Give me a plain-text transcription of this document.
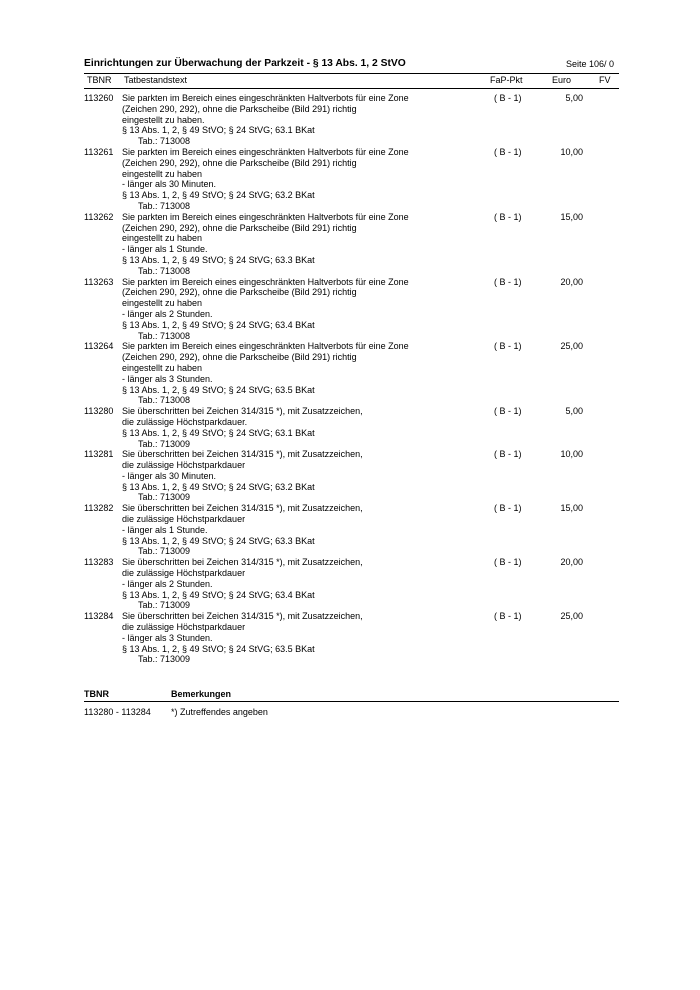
Einrichtungen zur Überwachung der Parkzeit - § 13 Abs. 1, 2 StVO	Seite 106/ 0
TBNR Tatbestandstext	FaP-Pkt	Euro	FV
113260 Sie parkten im Bereich eines eingeschränkten Haltverbots für eine Zone
(Zeichen 290, 292), ohne die Parkscheibe (Bild 291) richtig
eingestellt zu haben.
§ 13 Abs. 1, 2, § 49 StVO; § 24 StVG; 63.1 BKat
Tab.: 713008
( B - 1)	5,00
113261 Sie parkten im Bereich eines eingeschränkten Haltverbots für eine Zone
(Zeichen 290, 292), ohne die Parkscheibe (Bild 291) richtig
eingestellt zu haben
- länger als 30 Minuten.
§ 13 Abs. 1, 2, § 49 StVO; § 24 StVG; 63.2 BKat
Tab.: 713008
( B - 1)	10,00
113262 Sie parkten im Bereich eines eingeschränkten Haltverbots für eine Zone
(Zeichen 290, 292), ohne die Parkscheibe (Bild 291) richtig
eingestellt zu haben
- länger als 1 Stunde.
§ 13 Abs. 1, 2, § 49 StVO; § 24 StVG; 63.3 BKat
Tab.: 713008
( B - 1)	15,00
113263 Sie parkten im Bereich eines eingeschränkten Haltverbots für eine Zone
(Zeichen 290, 292), ohne die Parkscheibe (Bild 291) richtig
eingestellt zu haben
- länger als 2 Stunden.
§ 13 Abs. 1, 2, § 49 StVO; § 24 StVG; 63.4 BKat
Tab.: 713008
( B - 1)	20,00
113264 Sie parkten im Bereich eines eingeschränkten Haltverbots für eine Zone
(Zeichen 290, 292), ohne die Parkscheibe (Bild 291) richtig
eingestellt zu haben
- länger als 3 Stunden.
§ 13 Abs. 1, 2, § 49 StVO; § 24 StVG; 63.5 BKat
Tab.: 713008
( B - 1)	25,00
113280 Sie überschritten bei Zeichen 314/315 *), mit Zusatzzeichen,
die zulässige Höchstparkdauer.
§ 13 Abs. 1, 2, § 49 StVO; § 24 StVG; 63.1 BKat
Tab.: 713009
( B - 1)	5,00
113281 Sie überschritten bei Zeichen 314/315 *), mit Zusatzzeichen,
die zulässige Höchstparkdauer
- länger als 30 Minuten.
§ 13 Abs. 1, 2, § 49 StVO; § 24 StVG; 63.2 BKat
Tab.: 713009
( B - 1)	10,00
113282 Sie überschritten bei Zeichen 314/315 *), mit Zusatzzeichen,
die zulässige Höchstparkdauer
- länger als 1 Stunde.
§ 13 Abs. 1, 2, § 49 StVO; § 24 StVG; 63.3 BKat
Tab.: 713009
( B - 1)	15,00
113283 Sie überschritten bei Zeichen 314/315 *), mit Zusatzzeichen,
die zulässige Höchstparkdauer
- länger als 2 Stunden.
§ 13 Abs. 1, 2, § 49 StVO; § 24 StVG; 63.4 BKat
Tab.: 713009
( B - 1)	20,00
113284 Sie überschritten bei Zeichen 314/315 *), mit Zusatzzeichen,
die zulässige Höchstparkdauer
- länger als 3 Stunden.
§ 13 Abs. 1, 2, § 49 StVO; § 24 StVG; 63.5 BKat
Tab.: 713009
( B - 1)	25,00
TBNR	Bemerkungen
113280 - 113284 *) Zutreffendes angeben
